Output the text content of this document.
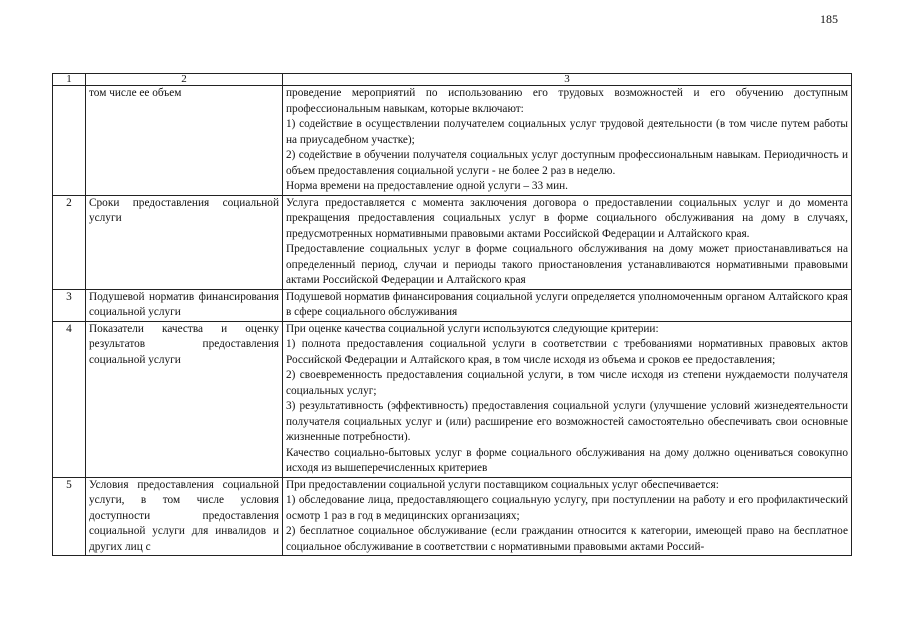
185
1	2	3

	том числе ее объем	проведение мероприятий по использованию его трудовых возможностей и его обучению доступным профессиональным навыкам, которые включают:
1) содействие в осуществлении получателем социальных услуг трудовой деятельности (в том числе путем работы на приусадебном участке);
2) содействие в обучении получателя социальных услуг доступным профессиональным навыкам. Периодичность и объем предоставления социальной услуги - не более 2 раз в неделю.
Норма времени на предоставление одной услуги – 33 мин.

2	Сроки предоставления социальной услуги	Услуга предоставляется с момента заключения договора о предоставлении социальных услуг и до момента прекращения предоставления социальных услуг в форме социального обслуживания на дому в случаях, предусмотренных нормативными правовыми актами Российской Федерации и Алтайского края.
Предоставление социальных услуг в форме социального обслуживания на дому может приостанавливаться на определенный период, случаи и периоды такого приостановления устанавливаются нормативными правовыми актами Российской Федерации и Алтайского края

3	Подушевой норматив финансирования социальной услуги	Подушевой норматив финансирования социальной услуги определяется уполномоченным органом Алтайского края в сфере социального обслуживания

4	Показатели качества и оценку результатов предоставления социальной услуги	При оценке качества социальной услуги используются следующие критерии:
1) полнота предоставления социальной услуги в соответствии с требованиями нормативных правовых актов Российской Федерации и Алтайского края, в том числе исходя из объема и сроков ее предоставления;
2) своевременность предоставления социальной услуги, в том числе исходя из степени нуждаемости получателя социальных услуг;
3) результативность (эффективность) предоставления социальной услуги (улучшение условий жизнедеятельности получателя социальных услуг и (или) расширение его возможностей самостоятельно обеспечивать свои основные жизненные потребности).
Качество социально-бытовых услуг в форме социального обслуживания на дому должно оцениваться совокупно исходя из вышеперечисленных критериев

5	Условия предоставления социальной услуги, в том числе условия доступности предоставления социальной услуги для инвалидов и других лиц с	При предоставлении социальной услуги поставщиком социальных услуг обеспечивается:
1) обследование лица, предоставляющего социальную услугу, при поступлении на работу и его профилактический осмотр 1 раз в год в медицинских организациях;
2) бесплатное социальное обслуживание (если гражданин относится к категории, имеющей право на бесплатное социальное обслуживание в соответствии с нормативными правовыми актами Россий-
